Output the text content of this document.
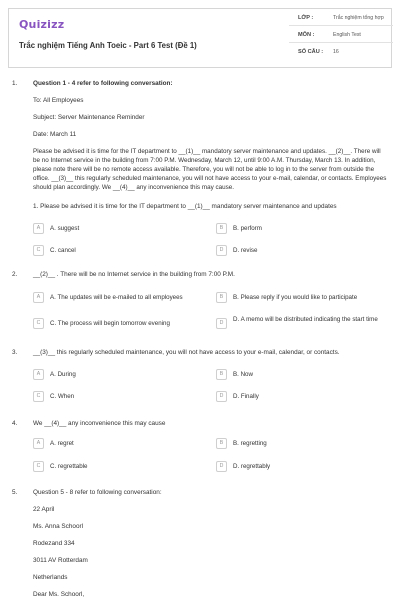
Quizizz
Trắc nghiệm Tiếng Anh Toeic - Part 6 Test (Đề 1)
LỚP :	Trắc nghiệm tổng hợp
MÔN :	English Test
SỐ CÂU : 16
1. Question 1 - 4 refer to following conversation:
To: All Employees
Subject: Server Maintenance Reminder
Date: March 11
Please be advised it is time for the IT department to __(1)__ mandatory server maintenance and updates. __(2)__. There will be no Internet service in the building from 7:00 P.M. Wednesday, March 12, until 9:00 A.M. Thursday, March 13. In addition, please note there will be no remote access available. Therefore, you will not be able to log in to the server from outside the office. __(3)__ this regularly scheduled maintenance, you will not have access to your e-mail, calendar, or contacts. Employees should plan accordingly. We __(4)__ any inconvenience this may cause.
1. Please be advised it is time for the IT department to __(1)__ mandatory server maintenance and updates
A	A. suggest	B	B. perform
C	C. cancel	D	D. revise
2. __(2)__ . There will be no Internet service in the building from 7:00 P.M.
A	A. The updates will be e-mailed to all employees	B	B. Please reply if you would like to participate
C	C. The process will begin tomorrow evening	D	D. A memo will be distributed indicating the start time
3. __(3)__ this regularly scheduled maintenance, you will not have access to your e-mail, calendar, or contacts.
A	A. During	B	B. Now
C	C. When	D	D. Finally
4. We __(4)__ any inconvenience this may cause
A	A. regret	B	B. regretting
C	C. regrettable	D	D. regrettably
5. Question 5 - 8 refer to following conversation:
22 April
Ms. Anna Schoorl
Rodezand 334
3011 AV Rotterdam
Netherlands
Dear Ms. Schoorl,
